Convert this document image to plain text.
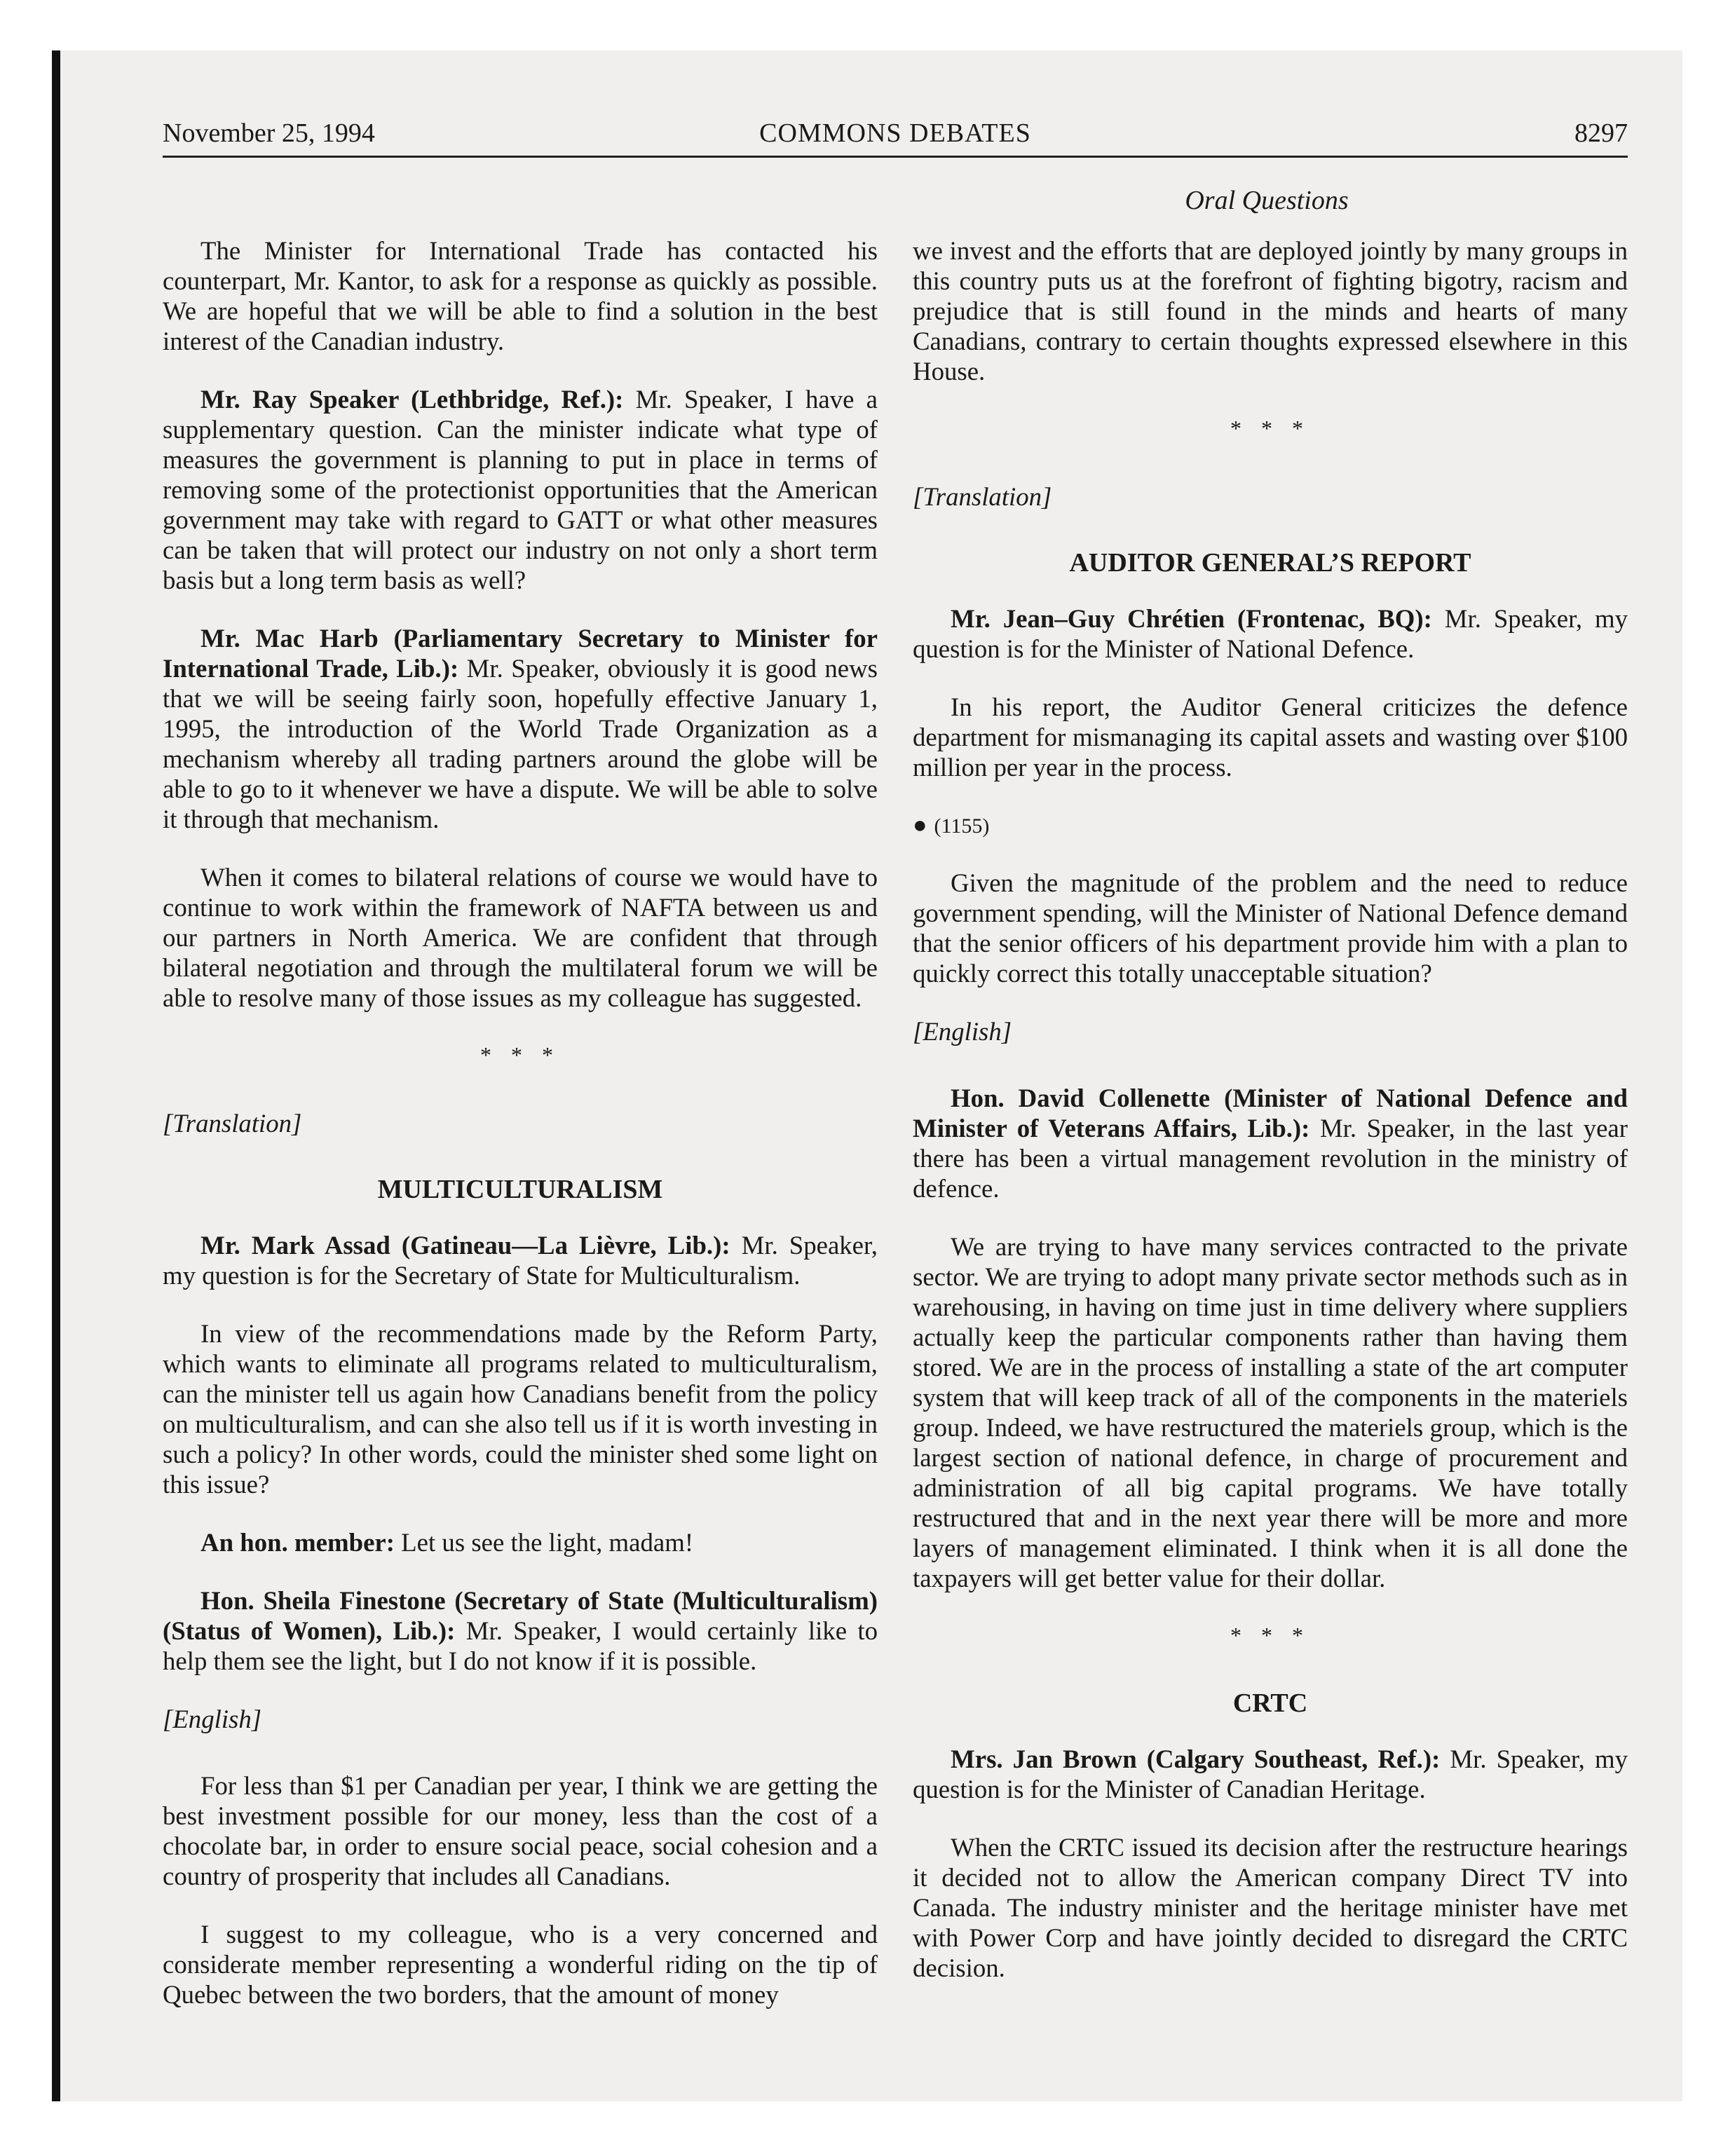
November 25, 1994	COMMONS DEBATES	8297
Oral Questions

The Minister for International Trade has contacted his counterpart, Mr. Kantor, to ask for a response as quickly as possible. We are hopeful that we will be able to find a solution in the best interest of the Canadian industry.

Mr. Ray Speaker (Lethbridge, Ref.): Mr. Speaker, I have a supplementary question. Can the minister indicate what type of measures the government is planning to put in place in terms of removing some of the protectionist opportunities that the American government may take with regard to GATT or what other measures can be taken that will protect our industry on not only a short term basis but a long term basis as well?

Mr. Mac Harb (Parliamentary Secretary to Minister for International Trade, Lib.): Mr. Speaker, obviously it is good news that we will be seeing fairly soon, hopefully effective January 1, 1995, the introduction of the World Trade Organization as a mechanism whereby all trading partners around the globe will be able to go to it whenever we have a dispute. We will be able to solve it through that mechanism.

When it comes to bilateral relations of course we would have to continue to work within the framework of NAFTA between us and our partners in North America. We are confident that through bilateral negotiation and through the multilateral forum we will be able to resolve many of those issues as my colleague has suggested.

* * *
[Translation]
MULTICULTURALISM

Mr. Mark Assad (Gatineau—La Lièvre, Lib.): Mr. Speaker, my question is for the Secretary of State for Multiculturalism.

In view of the recommendations made by the Reform Party, which wants to eliminate all programs related to multiculturalism, can the minister tell us again how Canadians benefit from the policy on multiculturalism, and can she also tell us if it is worth investing in such a policy? In other words, could the minister shed some light on this issue?

An hon. member: Let us see the light, madam!

Hon. Sheila Finestone (Secretary of State (Multiculturalism) (Status of Women), Lib.): Mr. Speaker, I would certainly like to help them see the light, but I do not know if it is possible.

[English]

For less than $1 per Canadian per year, I think we are getting the best investment possible for our money, less than the cost of a chocolate bar, in order to ensure social peace, social cohesion and a country of prosperity that includes all Canadians.

I suggest to my colleague, who is a very concerned and considerate member representing a wonderful riding on the tip of Quebec between the two borders, that the amount of money

we invest and the efforts that are deployed jointly by many groups in this country puts us at the forefront of fighting bigotry, racism and prejudice that is still found in the minds and hearts of many Canadians, contrary to certain thoughts expressed elsewhere in this House.

* * *
[Translation]
AUDITOR GENERAL’S REPORT

Mr. Jean–Guy Chrétien (Frontenac, BQ): Mr. Speaker, my question is for the Minister of National Defence.

In his report, the Auditor General criticizes the defence department for mismanaging its capital assets and wasting over $100 million per year in the process.

● (1155)

Given the magnitude of the problem and the need to reduce government spending, will the Minister of National Defence demand that the senior officers of his department provide him with a plan to quickly correct this totally unacceptable situation?

[English]

Hon. David Collenette (Minister of National Defence and Minister of Veterans Affairs, Lib.): Mr. Speaker, in the last year there has been a virtual management revolution in the ministry of defence.

We are trying to have many services contracted to the private sector. We are trying to adopt many private sector methods such as in warehousing, in having on time just in time delivery where suppliers actually keep the particular components rather than having them stored. We are in the process of installing a state of the art computer system that will keep track of all of the components in the materiels group. Indeed, we have restructured the materiels group, which is the largest section of national defence, in charge of procurement and administration of all big capital programs. We have totally restructured that and in the next year there will be more and more layers of management eliminated. I think when it is all done the taxpayers will get better value for their dollar.

* * *
CRTC

Mrs. Jan Brown (Calgary Southeast, Ref.): Mr. Speaker, my question is for the Minister of Canadian Heritage.

When the CRTC issued its decision after the restructure hearings it decided not to allow the American company Direct TV into Canada. The industry minister and the heritage minister have met with Power Corp and have jointly decided to disregard the CRTC decision.
